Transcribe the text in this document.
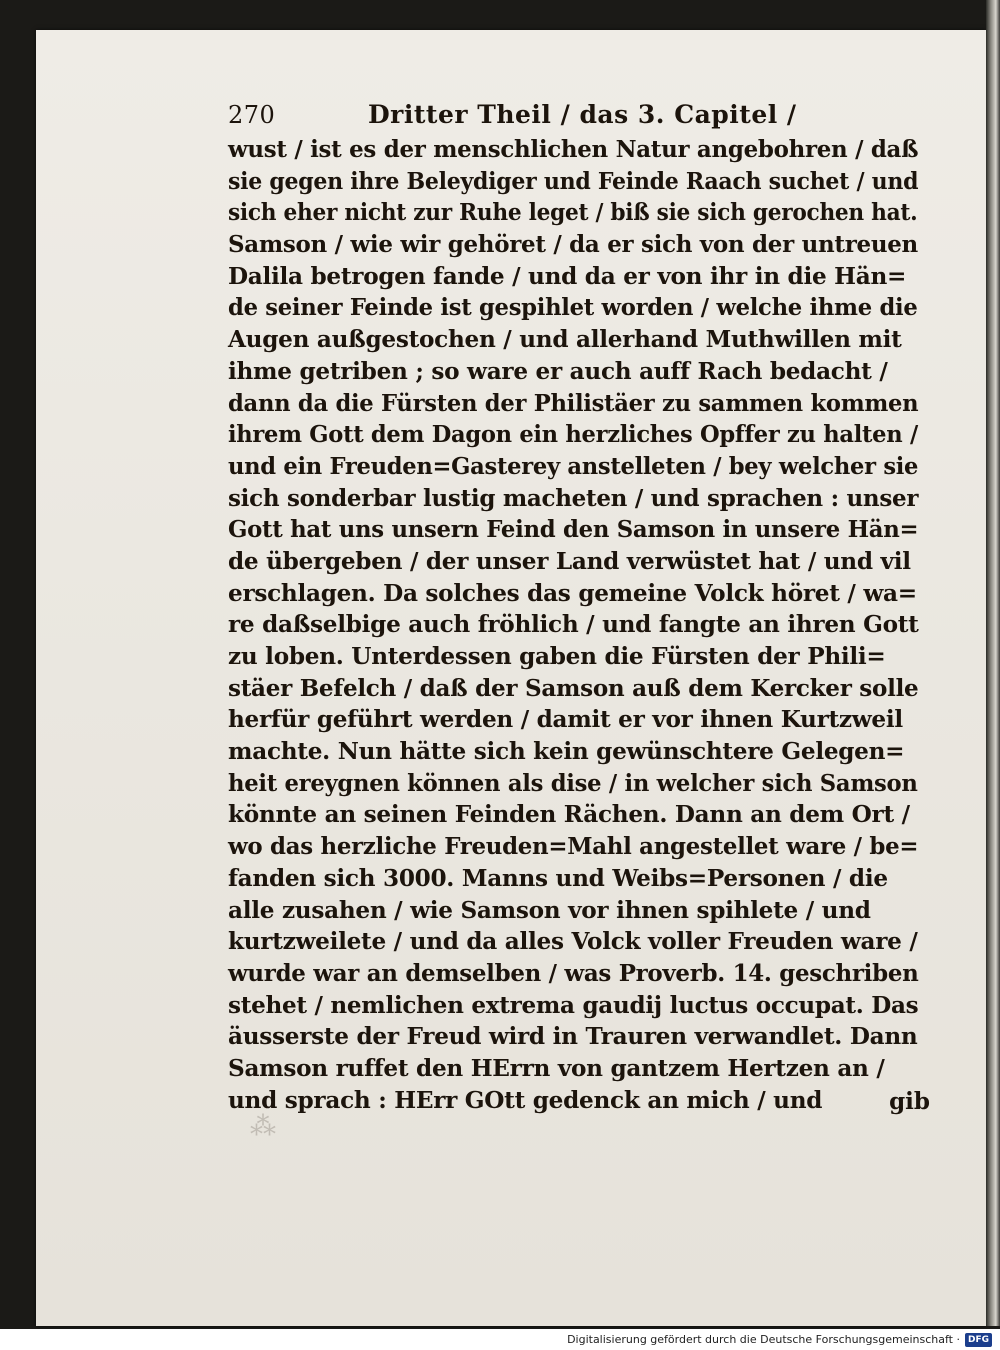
270	Dritter Theil / das 3. Capitel /
wust / ist es der menschlichen Natur angebohren / daß
sie gegen ihre Beleydiger und Feinde Raach suchet / und
sich eher nicht zur Ruhe leget / biß sie sich gerochen hat.
Samson / wie wir gehöret / da er sich von der untreuen
Dalila betrogen fande / und da er von ihr in die Hän=
de seiner Feinde ist gespihlet worden / welche ihme die
Augen außgestochen / und allerhand Muthwillen mit
ihme getriben ; so ware er auch auff Rach bedacht /
dann da die Fürsten der Philistäer zu sammen kommen
ihrem Gott dem Dagon ein herzliches Opffer zu halten /
und ein Freuden=Gasterey anstelleten / bey welcher sie
sich sonderbar lustig macheten / und sprachen : unser
Gott hat uns unsern Feind den Samson in unsere Hän=
de übergeben / der unser Land verwüstet hat / und vil
erschlagen. Da solches das gemeine Volck höret / wa=
re daßselbige auch fröhlich / und fangte an ihren Gott
zu loben. Unterdessen gaben die Fürsten der Phili=
stäer Befelch / daß der Samson auß dem Kercker solle
herfür geführt werden / damit er vor ihnen Kurtzweil
machte. Nun hätte sich kein gewünschtere Gelegen=
heit ereygnen können als dise / in welcher sich Samson
könnte an seinen Feinden Rächen. Dann an dem Ort /
wo das herzliche Freuden=Mahl angestellet ware / be=
fanden sich 3000. Manns und Weibs=Personen / die
alle zusahen / wie Samson vor ihnen spihlete / und
kurtzweilete / und da alles Volck voller Freuden ware /
wurde war an demselben / was Proverb. 14. geschriben
stehet / nemlichen extrema gaudij luctus occupat. Das
äusserste der Freud wird in Trauren verwandlet. Dann
Samson ruffet den HErrn von gantzem Hertzen an /
und sprach : HErr GOtt gedenck an mich / und	gib
⁂
Digitalisierung gefördert durch die Deutsche Forschungsgemeinschaft · DFG
